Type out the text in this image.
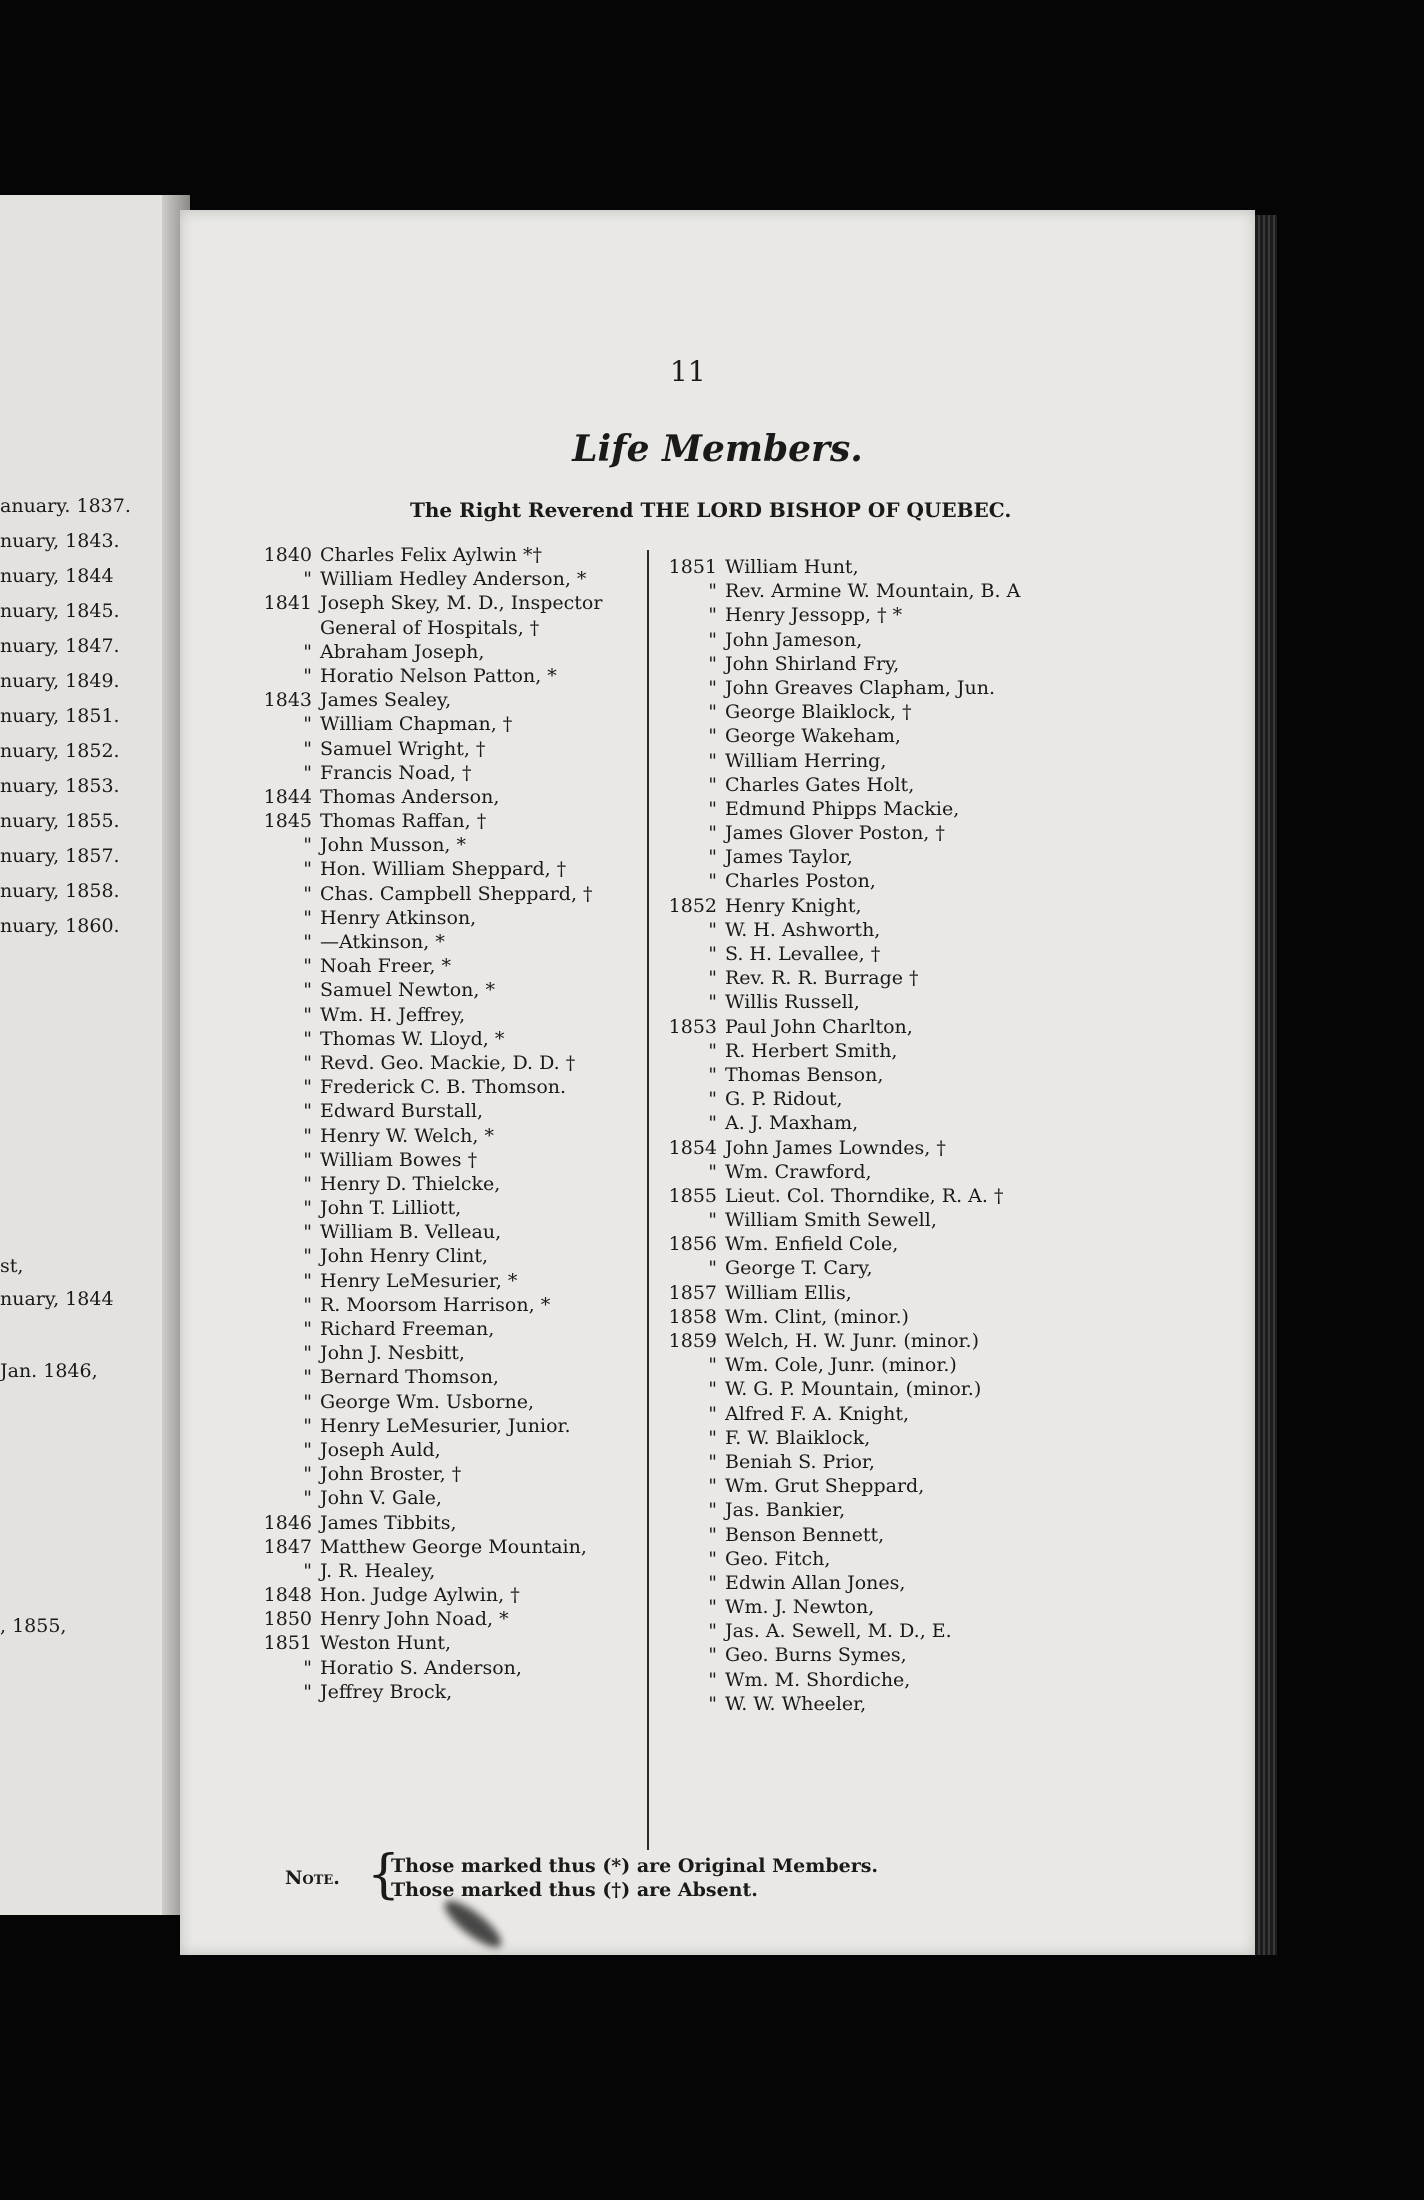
11
Life Members.
The Right Reverend THE LORD BISHOP OF QUEBEC.
1840 Charles Felix Aylwin *†
" William Hedley Anderson, *
1841 Joseph Skey, M. D., Inspector
General of Hospitals, †
" Abraham Joseph,
" Horatio Nelson Patton, *
1843 James Sealey,
" William Chapman, †
" Samuel Wright, †
" Francis Noad, †
1844 Thomas Anderson,
1845 Thomas Raffan, †
" John Musson, *
" Hon. William Sheppard, †
" Chas. Campbell Sheppard, †
" Henry Atkinson,
" —Atkinson, *
" Noah Freer, *
" Samuel Newton, *
" Wm. H. Jeffrey,
" Thomas W. Lloyd, *
" Revd. Geo. Mackie, D. D. †
" Frederick C. B. Thomson.
" Edward Burstall,
" Henry W. Welch, *
" William Bowes †
" Henry D. Thielcke,
" John T. Lilliott,
" William B. Velleau,
" John Henry Clint,
" Henry LeMesurier, *
" R. Moorsom Harrison, *
" Richard Freeman,
" John J. Nesbitt,
" Bernard Thomson,
" George Wm. Usborne,
" Henry LeMesurier, Junior.
" Joseph Auld,
" John Broster, †
" John V. Gale,
1846 James Tibbits,
1847 Matthew George Mountain,
" J. R. Healey,
1848 Hon. Judge Aylwin, †
1850 Henry John Noad, *
1851 Weston Hunt,
" Horatio S. Anderson,
" Jeffrey Brock,
1851 William Hunt,
" Rev. Armine W. Mountain, B. A
" Henry Jessopp, † *
" John Jameson,
" John Shirland Fry,
" John Greaves Clapham, Jun.
" George Blaiklock, †
" George Wakeham,
" William Herring,
" Charles Gates Holt,
" Edmund Phipps Mackie,
" James Glover Poston, †
" James Taylor,
" Charles Poston,
1852 Henry Knight,
" W. H. Ashworth,
" S. H. Levallee, †
" Rev. R. R. Burrage †
" Willis Russell,
1853 Paul John Charlton,
" R. Herbert Smith,
" Thomas Benson,
" G. P. Ridout,
" A. J. Maxham,
1854 John James Lowndes, †
" Wm. Crawford,
1855 Lieut. Col. Thorndike, R. A. †
" William Smith Sewell,
1856 Wm. Enfield Cole,
" George T. Cary,
1857 William Ellis,
1858 Wm. Clint, (minor.)
1859 Welch, H. W. Junr. (minor.)
" Wm. Cole, Junr. (minor.)
" W. G. P. Mountain, (minor.)
" Alfred F. A. Knight,
" F. W. Blaiklock,
" Beniah S. Prior,
" Wm. Grut Sheppard,
" Jas. Bankier,
" Benson Bennett,
" Geo. Fitch,
" Edwin Allan Jones,
" Wm. J. Newton,
" Jas. A. Sewell, M. D., E.
" Geo. Burns Symes,
" Wm. M. Shordiche,
" W. W. Wheeler,
Note. {
Those marked thus (*) are Original Members.
Those marked thus (†) are Absent.
anuary. 1837.
nuary, 1843.
nuary, 1844
nuary, 1845.
nuary, 1847.
nuary, 1849.
nuary, 1851.
nuary, 1852.
nuary, 1853.
nuary, 1855.
nuary, 1857.
nuary, 1858.
nuary, 1860.
st,
nuary, 1844
Jan. 1846,
, 1855,
